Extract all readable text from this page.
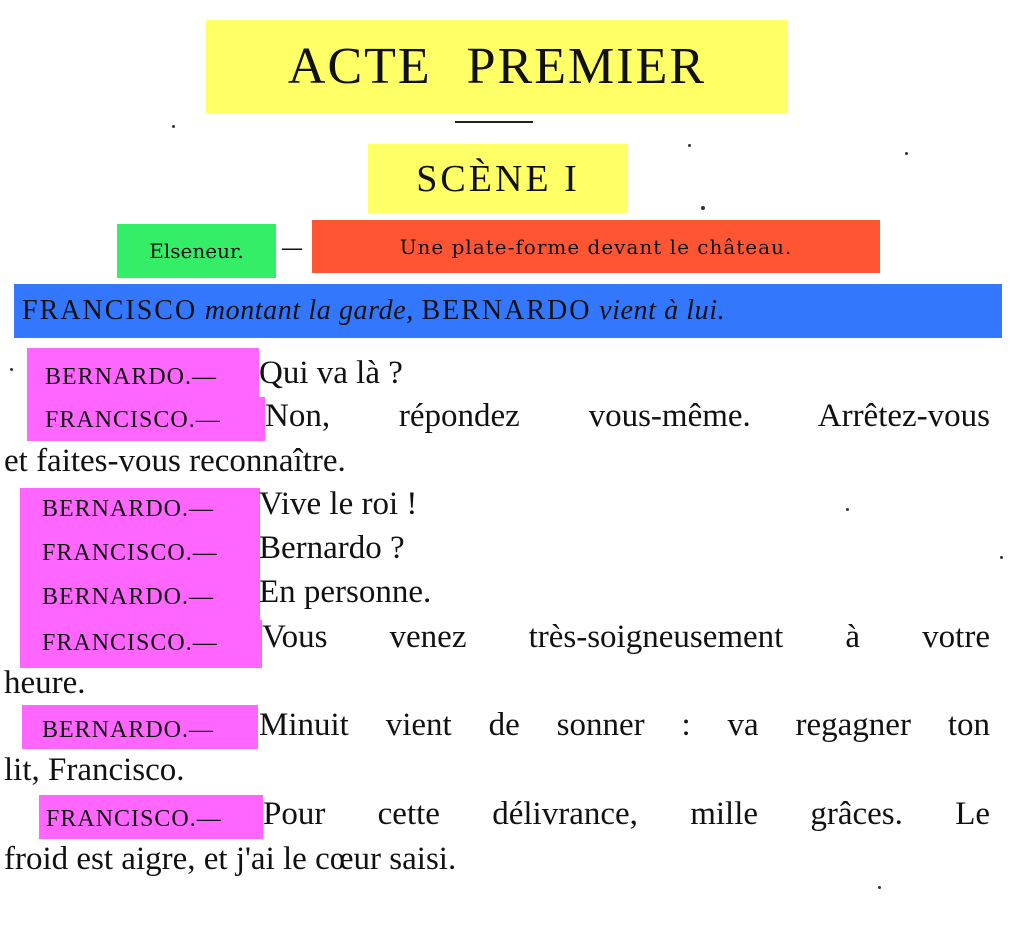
ACTE PREMIER
SCÈNE I
Elseneur. —	Une plate-forme devant le château.
FRANCISCO montant la garde, BERNARDO vient à lui.
BERNARDO.— Qui va là ?
FRANCISCO.— Non, répondez vous-même. Arrêtez-vous
et faites-vous reconnaître.
BERNARDO.— Vive le roi !
FRANCISCO.— Bernardo ?
BERNARDO.— En personne.
FRANCISCO.— Vous venez très-soigneusement à votre
heure.
BERNARDO.— Minuit vient de sonner : va regagner ton
lit, Francisco.
FRANCISCO.— Pour cette délivrance, mille grâces. Le
froid est aigre, et j'ai le cœur saisi.
